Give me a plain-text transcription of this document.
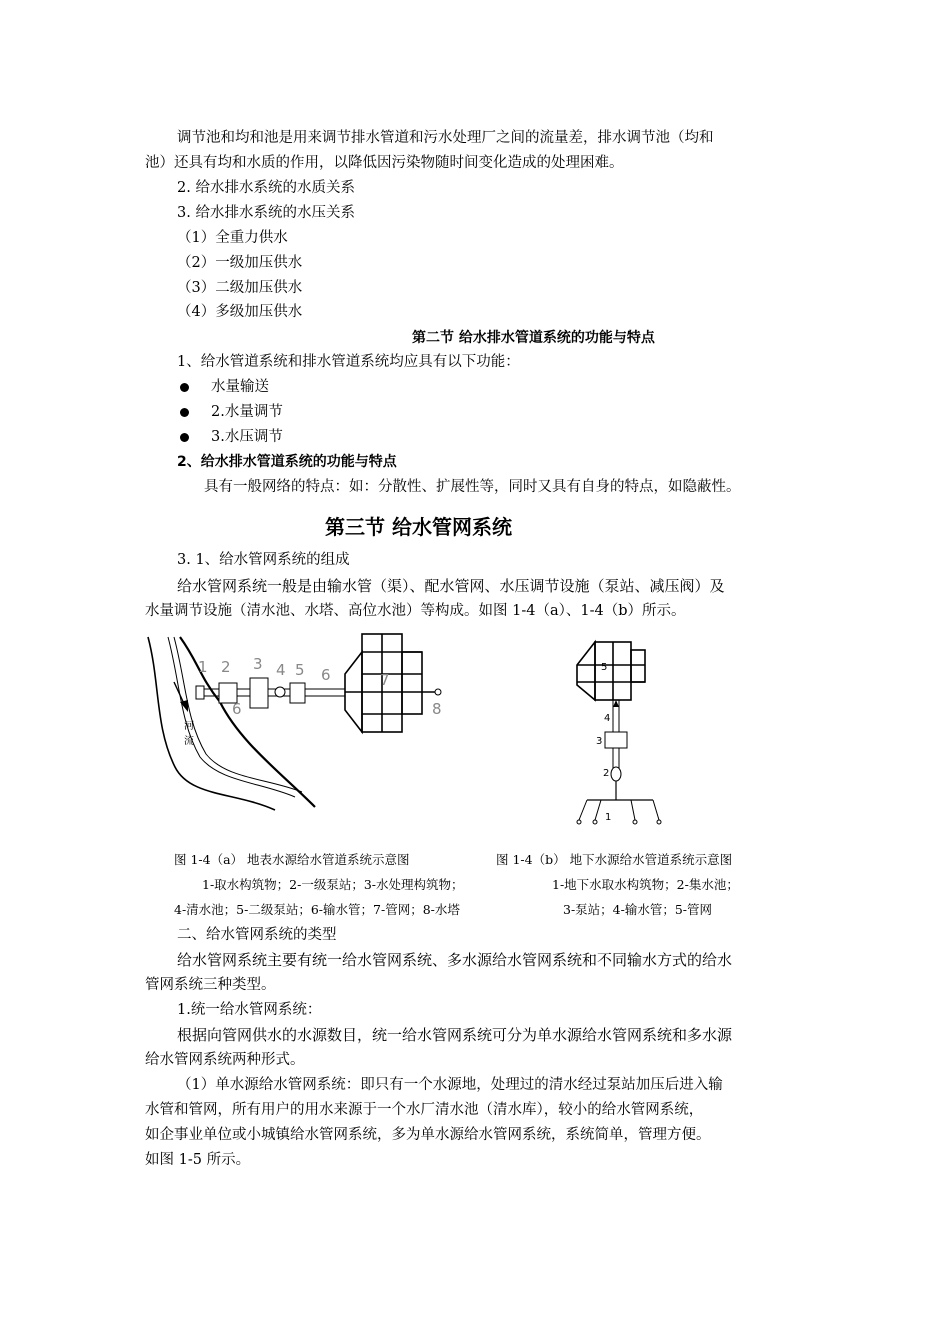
调节池和均和池是用来调节排水管道和污水处理厂之间的流量差，排水调节池（均和
池）还具有均和水质的作用，以降低因污染物随时间变化造成的处理困难。
2. 给水排水系统的水质关系
3. 给水排水系统的水压关系
（1）全重力供水
（2）一级加压供水
（3）二级加压供水
（4）多级加压供水
第二节 给水排水管道系统的功能与特点
1、给水管道系统和排水管道系统均应具有以下功能：
水量输送
2.水量调节
3.水压调节
2、给水排水管道系统的功能与特点
具有一般网络的特点：如：分散性、扩展性等，同时又具有自身的特点，如隐蔽性。
第三节 给水管网系统
3. 1、给水管网系统的组成
给水管网系统一般是由输水管（渠）、配水管网、水压调节设施（泵站、减压阀）及
水量调节设施（清水池、水塔、高位水池）等构成。如图 1-4（a）、1-4（b）所示。
河
流
1 2 3 4 5 6	7
6	8
5
4
3
2
1
图 1-4（a） 地表水源给水管道系统示意图	图 1-4（b） 地下水源给水管道系统示意图
1-取水构筑物；2-一级泵站；3-水处理构筑物；	1-地下水取水构筑物；2-集水池；
4-清水池；5-二级泵站；6-输水管；7-管网；8-水塔	3-泵站；4-输水管；5-管网
二、给水管网系统的类型
给水管网系统主要有统一给水管网系统、多水源给水管网系统和不同输水方式的给水
管网系统三种类型。
1.统一给水管网系统：
根据向管网供水的水源数目，统一给水管网系统可分为单水源给水管网系统和多水源
给水管网系统两种形式。
（1）单水源给水管网系统：即只有一个水源地，处理过的清水经过泵站加压后进入输
水管和管网，所有用户的用水来源于一个水厂清水池（清水库），较小的给水管网系统，
如企事业单位或小城镇给水管网系统，多为单水源给水管网系统，系统简单，管理方便。
如图 1-5 所示。
